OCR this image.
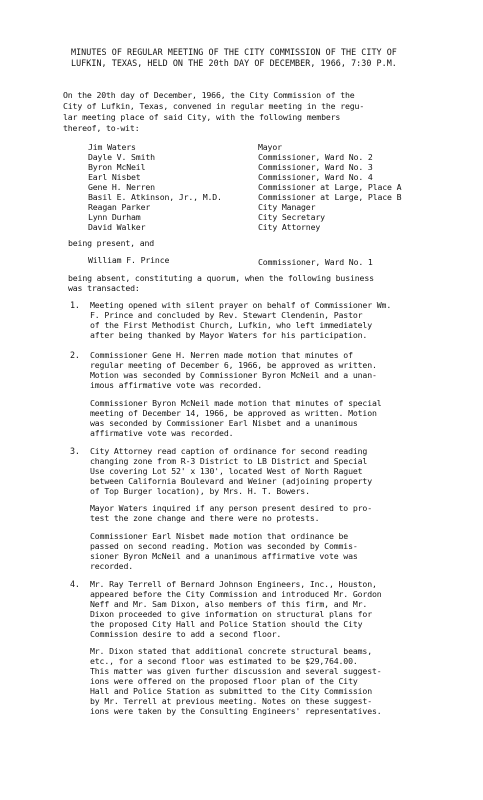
MINUTES OF REGULAR MEETING OF THE CITY COMMISSION OF THE CITY OF
LUFKIN, TEXAS, HELD ON THE 20th DAY OF DECEMBER, 1966, 7:30 P.M.
On the 20th day of December, 1966, the City Commission of the
City of Lufkin, Texas, convened in regular meeting in the regu-
lar meeting place of said City, with the following members
thereof, to-wit:
Jim Waters	Mayor
Dayle V. Smith	Commissioner, Ward No. 2
Byron McNeil	Commissioner, Ward No. 3
Earl Nisbet	Commissioner, Ward No. 4
Gene H. Nerren	Commissioner at Large, Place A
Basil E. Atkinson, Jr., M.D.	Commissioner at Large, Place B
Reagan Parker	City Manager
Lynn Durham	City Secretary
David Walker	City Attorney
being present, and
William F. Prince	Commissioner, Ward No. 1
being absent, constituting a quorum, when the following business
was transacted:
1. Meeting opened with silent prayer on behalf of Commissioner Wm.
F. Prince and concluded by Rev. Stewart Clendenin, Pastor
of the First Methodist Church, Lufkin, who left immediately
after being thanked by Mayor Waters for his participation.
2. Commissioner Gene H. Nerren made motion that minutes of
regular meeting of December 6, 1966, be approved as written.
Motion was seconded by Commissioner Byron McNeil and a unan-
imous affirmative vote was recorded.
Commissioner Byron McNeil made motion that minutes of special
meeting of December 14, 1966, be approved as written. Motion
was seconded by Commissioner Earl Nisbet and a unanimous
affirmative vote was recorded.
3. City Attorney read caption of ordinance for second reading
changing zone from R-3 District to LB District and Special
Use covering Lot 52' x 130', located West of North Raguet
between California Boulevard and Weiner (adjoining property
of Top Burger location), by Mrs. H. T. Bowers.
Mayor Waters inquired if any person present desired to pro-
test the zone change and there were no protests.
Commissioner Earl Nisbet made motion that ordinance be
passed on second reading. Motion was seconded by Commis-
sioner Byron McNeil and a unanimous affirmative vote was
recorded.
4. Mr. Ray Terrell of Bernard Johnson Engineers, Inc., Houston,
appeared before the City Commission and introduced Mr. Gordon
Neff and Mr. Sam Dixon, also members of this firm, and Mr.
Dixon proceeded to give information on structural plans for
the proposed City Hall and Police Station should the City
Commission desire to add a second floor.
Mr. Dixon stated that additional concrete structural beams,
etc., for a second floor was estimated to be $29,764.00.
This matter was given further discussion and several suggest-
ions were offered on the proposed floor plan of the City
Hall and Police Station as submitted to the City Commission
by Mr. Terrell at previous meeting. Notes on these suggest-
ions were taken by the Consulting Engineers' representatives.
